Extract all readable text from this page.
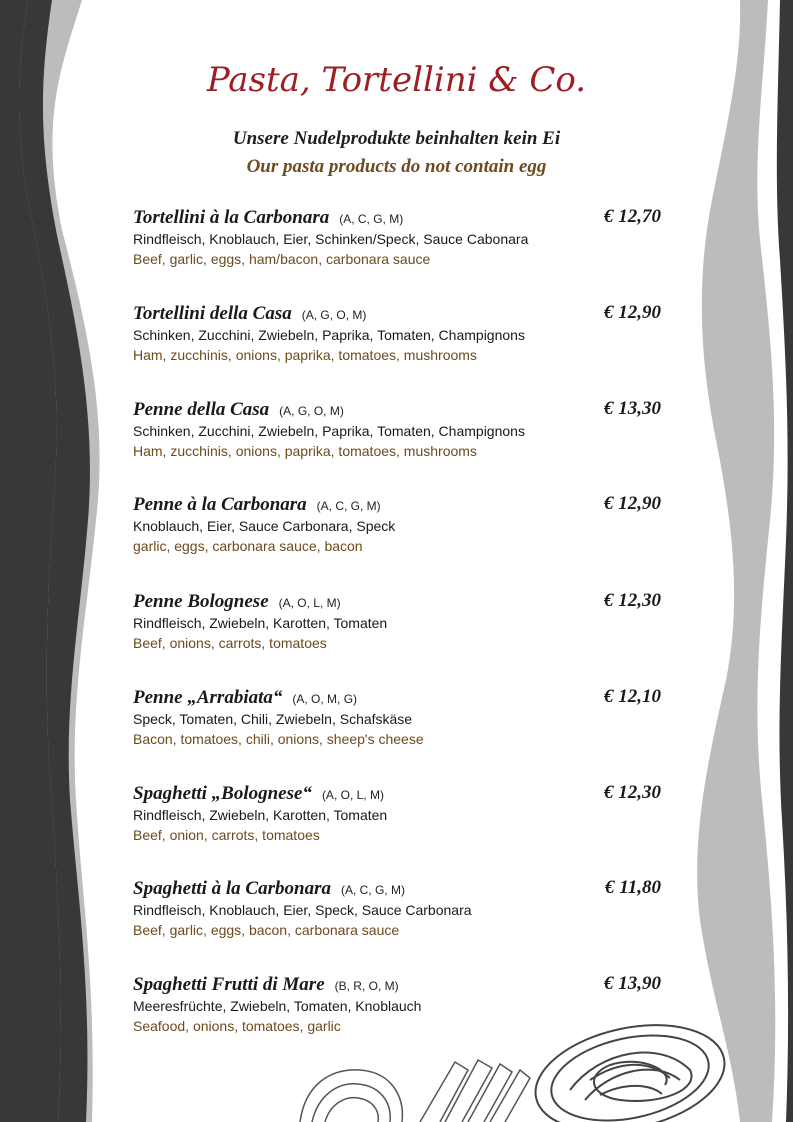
Pasta, Tortellini & Co.
Unsere Nudelprodukte beinhalten kein Ei
Our pasta products do not contain egg
Tortellini à la Carbonara (A, C, G, M)	€ 12,70
Rindfleisch, Knoblauch, Eier, Schinken/Speck, Sauce Cabonara
Beef, garlic, eggs, ham/bacon, carbonara sauce
Tortellini della Casa (A, G, O, M)	€ 12,90
Schinken, Zucchini, Zwiebeln, Paprika, Tomaten, Champignons
Ham, zucchinis, onions, paprika, tomatoes, mushrooms
Penne della Casa (A, G, O, M)	€ 13,30
Schinken, Zucchini, Zwiebeln, Paprika, Tomaten, Champignons
Ham, zucchinis, onions, paprika, tomatoes, mushrooms
Penne à la Carbonara (A, C, G, M)	€ 12,90
Knoblauch, Eier, Sauce Carbonara, Speck
garlic, eggs, carbonara sauce, bacon
Penne Bolognese (A, O, L, M)	€ 12,30
Rindfleisch, Zwiebeln, Karotten, Tomaten
Beef, onions, carrots, tomatoes
Penne „Arrabiata“ (A, O, M, G)	€ 12,10
Speck, Tomaten, Chili, Zwiebeln, Schafskäse
Bacon, tomatoes, chili, onions, sheep's cheese
Spaghetti „Bolognese“ (A, O, L, M)	€ 12,30
Rindfleisch, Zwiebeln, Karotten, Tomaten
Beef, onion, carrots, tomatoes
Spaghetti à la Carbonara (A, C, G, M)	€ 11,80
Rindfleisch, Knoblauch, Eier, Speck, Sauce Carbonara
Beef, garlic, eggs, bacon, carbonara sauce
Spaghetti Frutti di Mare (B, R, O, M)	€ 13,90
Meeresfrüchte, Zwiebeln, Tomaten, Knoblauch
Seafood, onions, tomatoes, garlic
